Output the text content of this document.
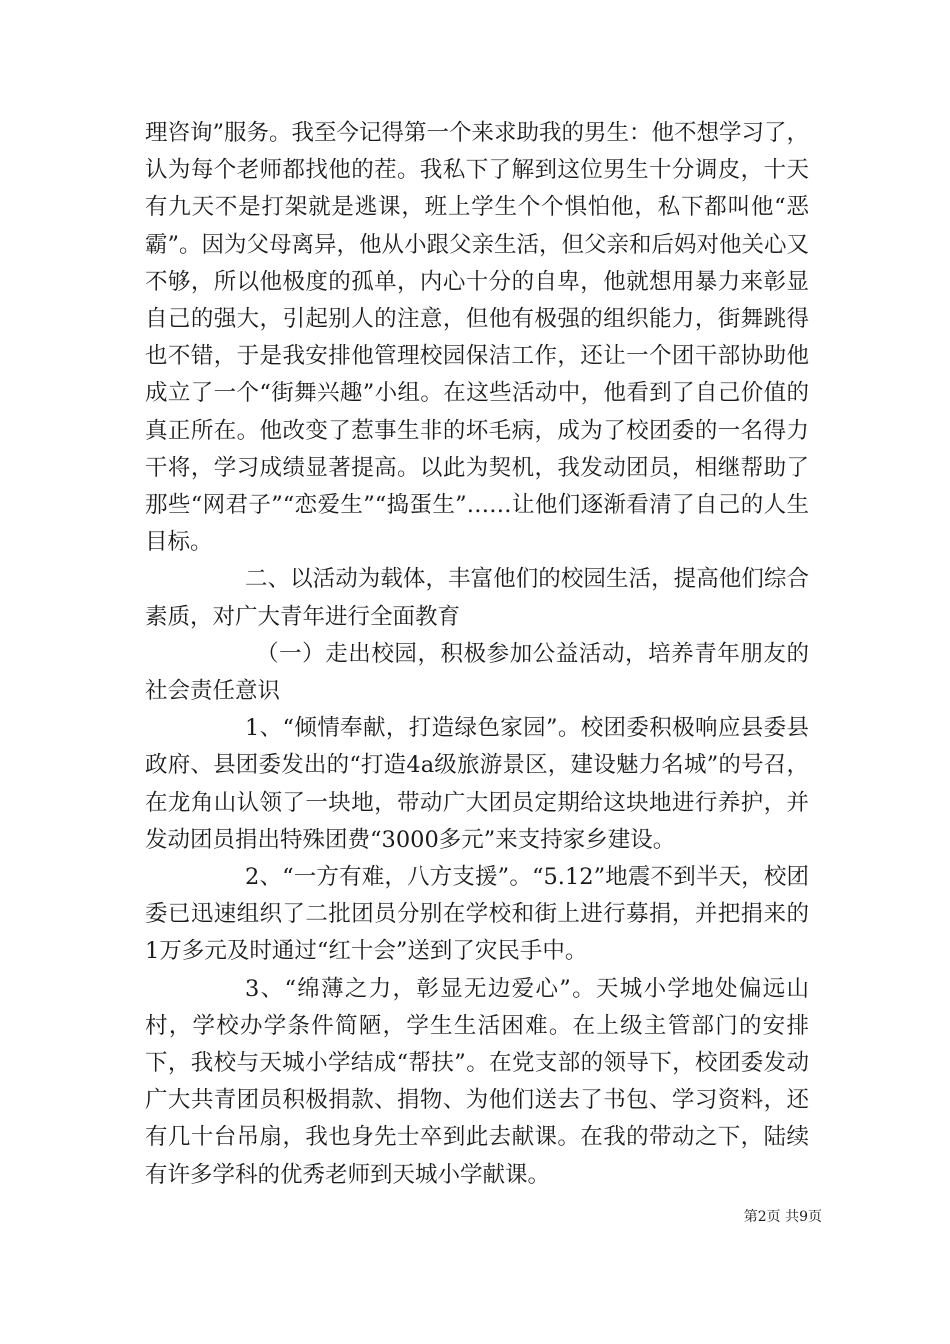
理咨询”服务。我至今记得第一个来求助我的男生：他不想学习了，认为每个老师都找他的茬。我私下了解到这位男生十分调皮，十天有九天不是打架就是逃课，班上学生个个惧怕他，私下都叫他“恶霸”。因为父母离异，他从小跟父亲生活，但父亲和后妈对他关心又不够，所以他极度的孤单，内心十分的自卑，他就想用暴力来彰显自己的强大，引起别人的注意，但他有极强的组织能力，街舞跳得也不错，于是我安排他管理校园保洁工作，还让一个团干部协助他成立了一个“街舞兴趣”小组。在这些活动中，他看到了自己价值的真正所在。他改变了惹事生非的坏毛病，成为了校团委的一名得力干将，学习成绩显著提高。以此为契机，我发动团员，相继帮助了那些“网君子”“恋爱生”“捣蛋生”……让他们逐渐看清了自己的人生目标。

二、以活动为载体，丰富他们的校园生活，提高他们综合素质，对广大青年进行全面教育

（一）走出校园，积极参加公益活动，培养青年朋友的社会责任意识

1、“倾情奉献，打造绿色家园”。校团委积极响应县委县政府、县团委发出的“打造4a级旅游景区，建设魅力名城”的号召，在龙角山认领了一块地，带动广大团员定期给这块地进行养护，并发动团员捐出特殊团费“3000多元”来支持家乡建设。

2、“一方有难，八方支援”。“5.12”地震不到半天，校团委已迅速组织了二批团员分别在学校和街上进行募捐，并把捐来的1万多元及时通过“红十会”送到了灾民手中。

3、“绵薄之力，彰显无边爱心”。天城小学地处偏远山村，学校办学条件简陋，学生生活困难。在上级主管部门的安排下，我校与天城小学结成“帮扶”。在党支部的领导下，校团委发动广大共青团员积极捐款、捐物、为他们送去了书包、学习资料，还有几十台吊扇，我也身先士卒到此去献课。在我的带动之下，陆续有许多学科的优秀老师到天城小学献课。

第2页 共9页
